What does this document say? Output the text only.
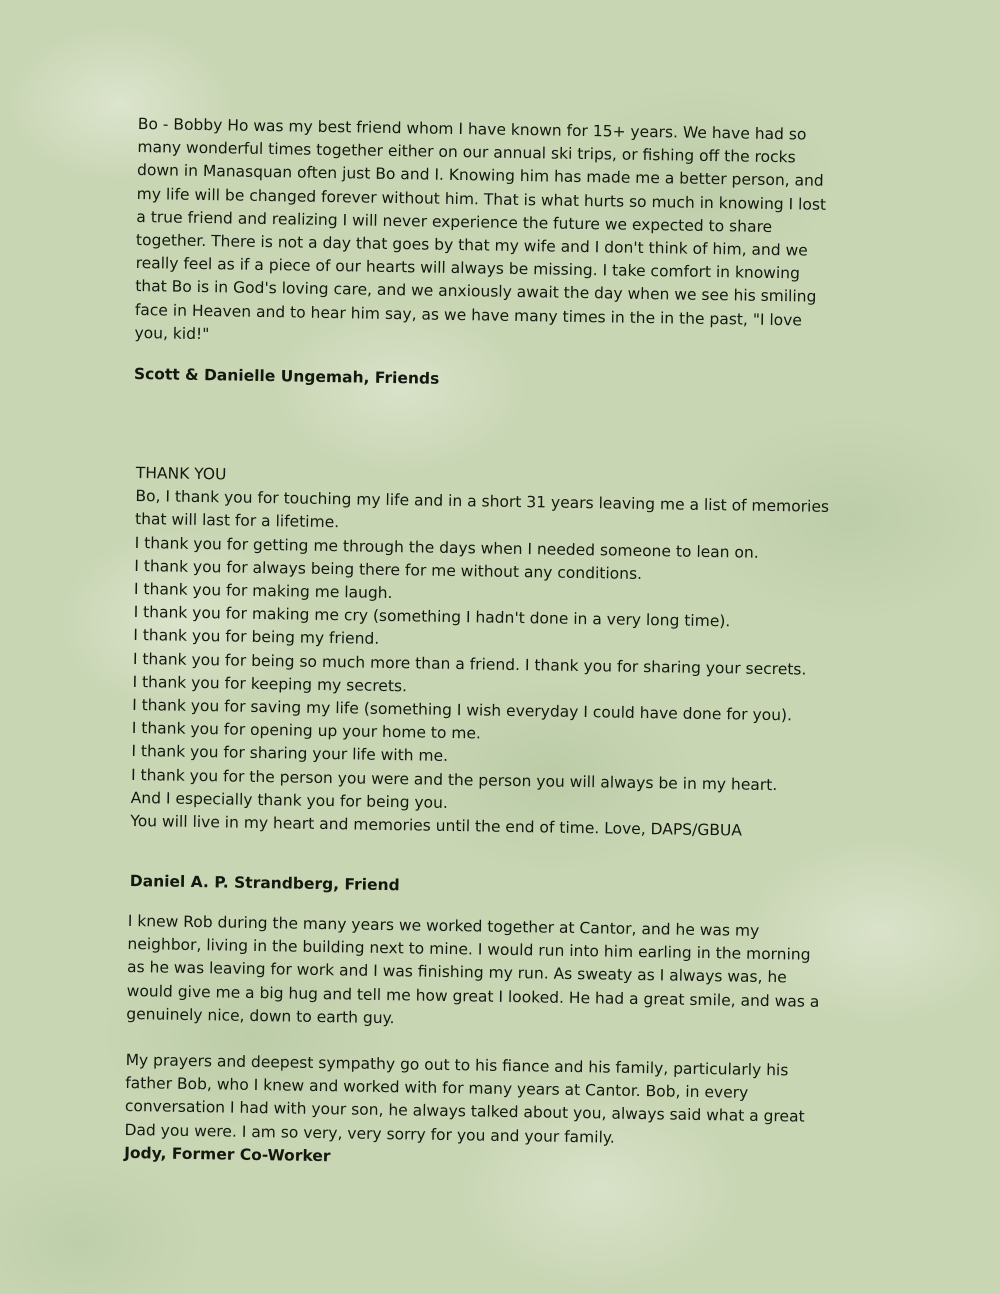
Bo - Bobby Ho was my best friend whom I have known for 15+ years. We have had so
many wonderful times together either on our annual ski trips, or fishing off the rocks
down in Manasquan often just Bo and I. Knowing him has made me a better person, and
my life will be changed forever without him. That is what hurts so much in knowing I lost
a true friend and realizing I will never experience the future we expected to share
together. There is not a day that goes by that my wife and I don't think of him, and we
really feel as if a piece of our hearts will always be missing. I take comfort in knowing
that Bo is in God's loving care, and we anxiously await the day when we see his smiling
face in Heaven and to hear him say, as we have many times in the in the past, "I love
you, kid!"

Scott & Danielle Ungemah, Friends

THANK YOU

Bo, I thank you for touching my life and in a short 31 years leaving me a list of memories
that will last for a lifetime.
I thank you for getting me through the days when I needed someone to lean on.
I thank you for always being there for me without any conditions.
I thank you for making me laugh.
I thank you for making me cry (something I hadn't done in a very long time).
I thank you for being my friend.
I thank you for being so much more than a friend. I thank you for sharing your secrets.
I thank you for keeping my secrets.
I thank you for saving my life (something I wish everyday I could have done for you).
I thank you for opening up your home to me.
I thank you for sharing your life with me.
I thank you for the person you were and the person you will always be in my heart.
And I especially thank you for being you.
You will live in my heart and memories until the end of time. Love, DAPS/GBUA

Daniel A. P. Strandberg, Friend

I knew Rob during the many years we worked together at Cantor, and he was my
neighbor, living in the building next to mine. I would run into him earling in the morning
as he was leaving for work and I was finishing my run. As sweaty as I always was, he
would give me a big hug and tell me how great I looked. He had a great smile, and was a
genuinely nice, down to earth guy.

My prayers and deepest sympathy go out to his fiance and his family, particularly his
father Bob, who I knew and worked with for many years at Cantor. Bob, in every
conversation I had with your son, he always talked about you, always said what a great
Dad you were. I am so very, very sorry for you and your family.

Jody, Former Co-Worker
